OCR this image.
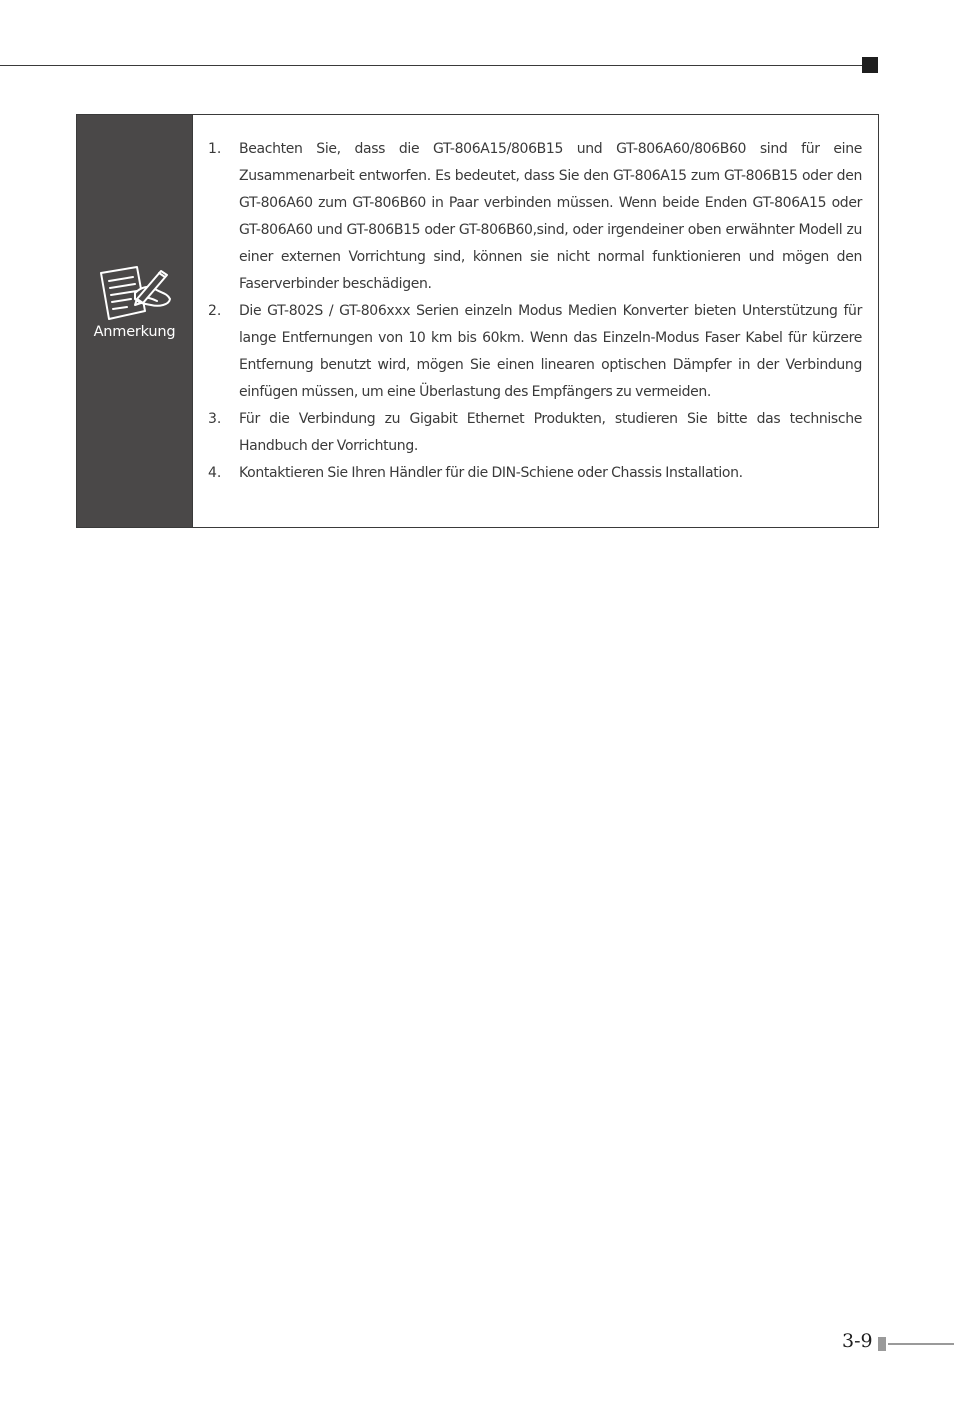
Anmerkung
1.	Beachten Sie, dass die GT-806A15/806B15 und GT-806A60/806B60 sind für eine Zusammenarbeit entworfen. Es bedeutet, dass Sie den GT-806A15 zum GT-806B15 oder den GT-806A60 zum GT-806B60 in Paar verbinden müssen. Wenn beide Enden GT-806A15 oder GT-806A60 und GT-806B15 oder GT-806B60,sind, oder irgendeiner oben erwähnter Modell zu einer externen Vorrichtung sind, können sie nicht normal funktionieren und mögen den Faserverbinder beschädigen.
2.	Die GT-802S / GT-806xxx Serien einzeln Modus Medien Konverter bieten Unterstützung für lange Entfernungen von 10 km bis 60km. Wenn das Einzeln-Modus Faser Kabel für kürzere Entfernung benutzt wird, mögen Sie einen linearen optischen Dämpfer in der Verbindung einfügen müssen, um eine Überlastung des Empfängers zu vermeiden.
3.	Für die Verbindung zu Gigabit Ethernet Produkten, studieren Sie bitte das technische Handbuch der Vorrichtung.
4.	Kontaktieren Sie Ihren Händler für die DIN-Schiene oder Chassis Installation.
3-9
